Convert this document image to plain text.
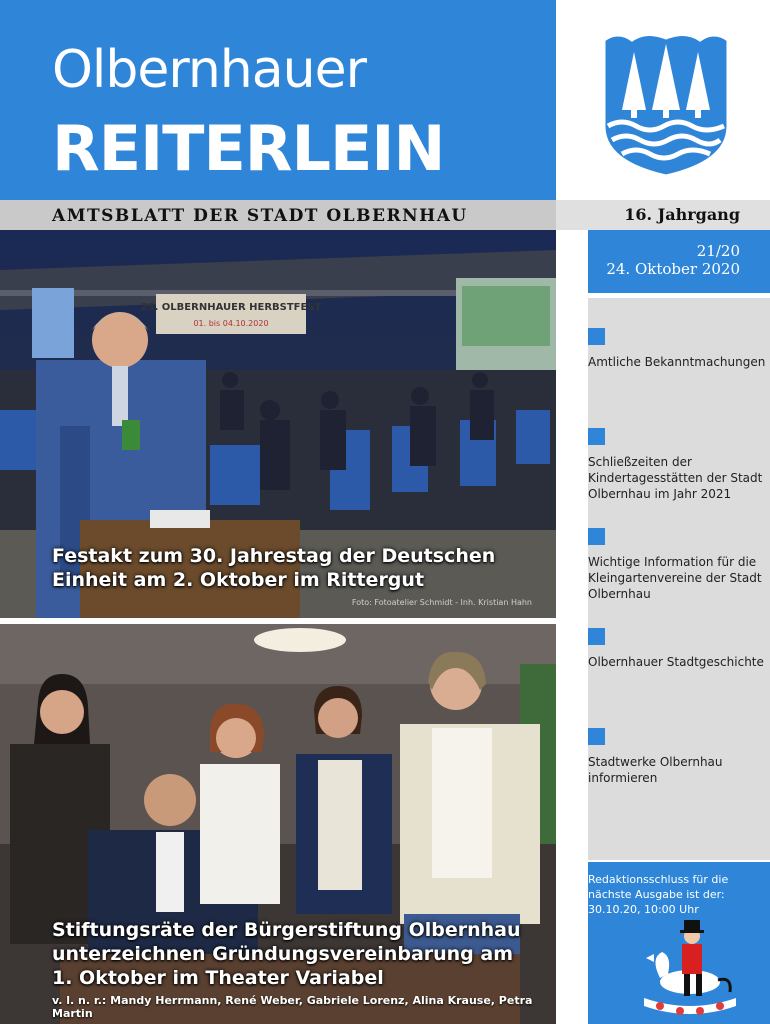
Olbernhauer
REITERLEIN
AMTSBLATT DER STADT OLBERNHAU	16. Jahrgang
21/20
24. Oktober 2020
25. OLBERNHAUER HERBSTFEST
01. bis 04.10.2020
Festakt zum 30. Jahrestag der Deutschen
Einheit am 2. Oktober im Rittergut
Foto: Fotoatelier Schmidt - Inh. Kristian Hahn
Stiftungsräte der Bürgerstiftung Olbernhau
unterzeichnen Gründungsvereinbarung am
1. Oktober im Theater Variabel
v. l. n. r.: Mandy Herrmann, René Weber, Gabriele Lorenz, Alina Krause, Petra Martin
Amtliche Bekanntmachungen
Schließzeiten der Kindertagesstätten der Stadt Olbernhau im Jahr 2021
Wichtige Information für die Kleingartenvereine der Stadt Olbernhau
Olbernhauer Stadtgeschichte
Stadtwerke Olbernhau informieren
Redaktionsschluss für die nächste Ausgabe ist der:
30.10.20, 10:00 Uhr
